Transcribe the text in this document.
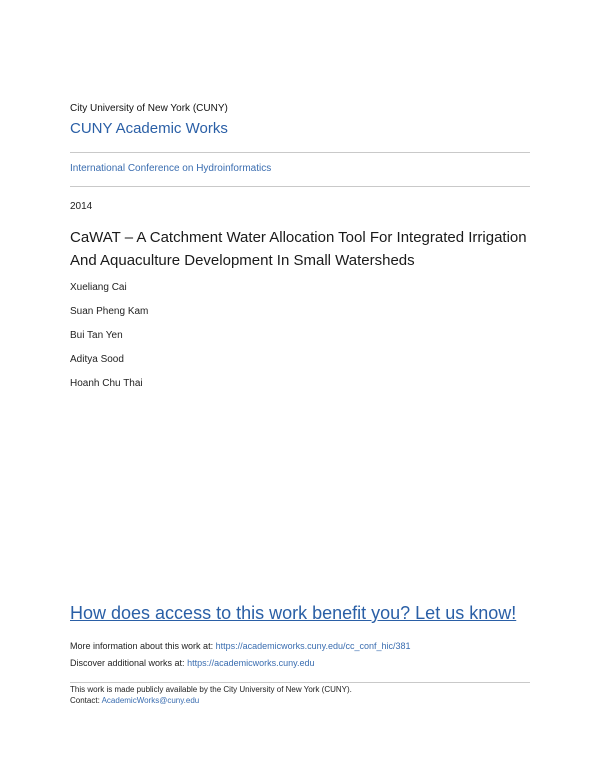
City University of New York (CUNY)
CUNY Academic Works
International Conference on Hydroinformatics
2014
CaWAT – A Catchment Water Allocation Tool For Integrated Irrigation And Aquaculture Development In Small Watersheds
Xueliang Cai
Suan Pheng Kam
Bui Tan Yen
Aditya Sood
Hoanh Chu Thai
How does access to this work benefit you? Let us know!
More information about this work at: https://academicworks.cuny.edu/cc_conf_hic/381
Discover additional works at: https://academicworks.cuny.edu
This work is made publicly available by the City University of New York (CUNY).
Contact: AcademicWorks@cuny.edu
